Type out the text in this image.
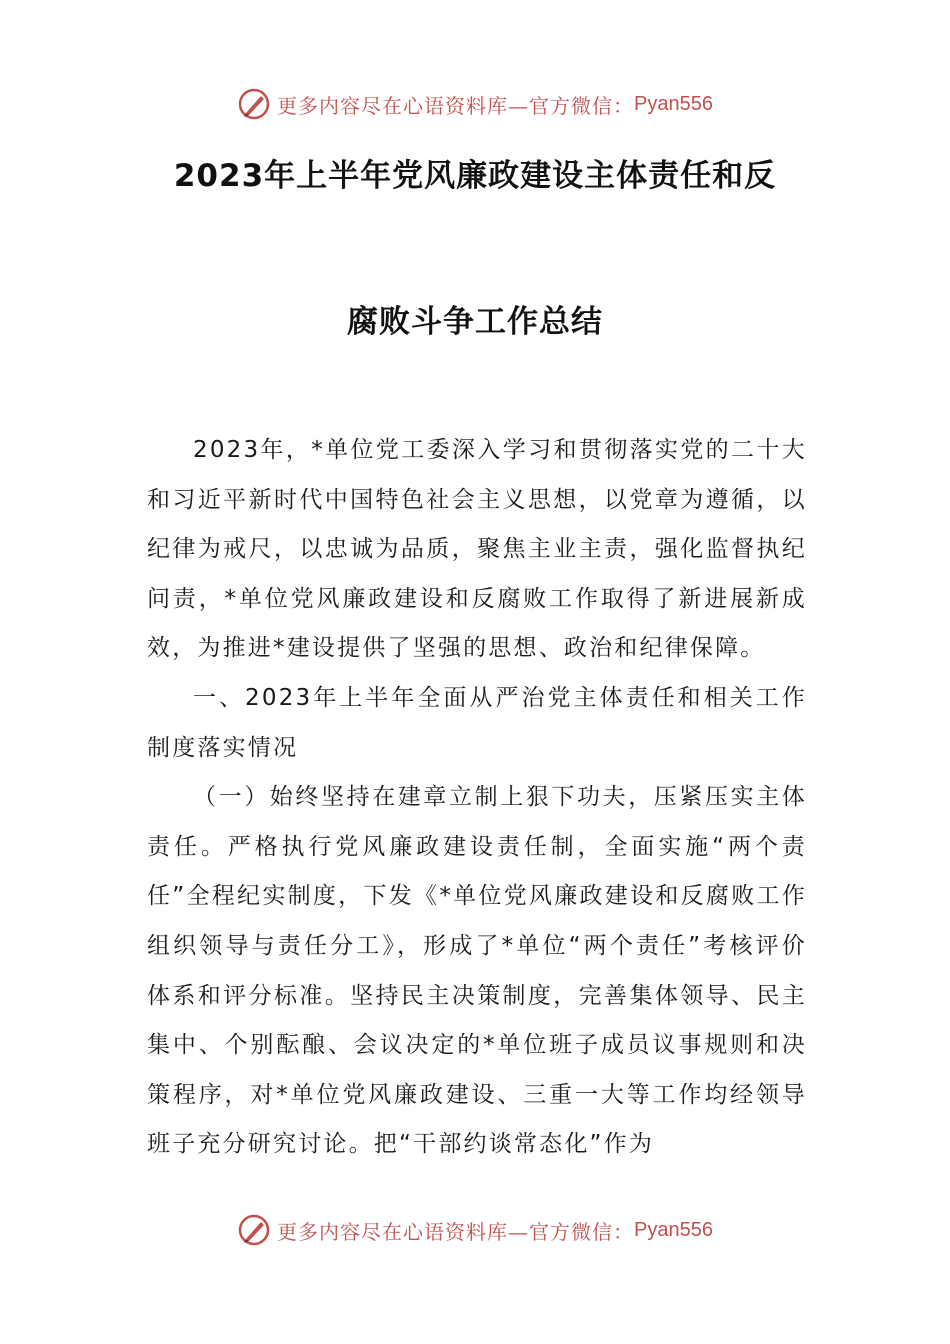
更多内容尽在心语资料库—官方微信： Pyan556
2023年上半年党风廉政建设主体责任和反
腐败斗争工作总结

2023年，*单位党工委深入学习和贯彻落实党的二十大和习近平新时代中国特色社会主义思想，以党章为遵循，以纪律为戒尺，以忠诚为品质，聚焦主业主责，强化监督执纪问责，*单位党风廉政建设和反腐败工作取得了新进展新成效，为推进*建设提供了坚强的思想、政治和纪律保障。

一、2023年上半年全面从严治党主体责任和相关工作制度落实情况

（一）始终坚持在建章立制上狠下功夫，压紧压实主体责任。严格执行党风廉政建设责任制，全面实施“两个责任”全程纪实制度，下发《*单位党风廉政建设和反腐败工作组织领导与责任分工》，形成了*单位“两个责任”考核评价体系和评分标准。坚持民主决策制度，完善集体领导、民主集中、个别酝酿、会议决定的*单位班子成员议事规则和决策程序，对*单位党风廉政建设、三重一大等工作均经领导班子充分研究讨论。把“干部约谈常态化”作为

更多内容尽在心语资料库—官方微信： Pyan556
